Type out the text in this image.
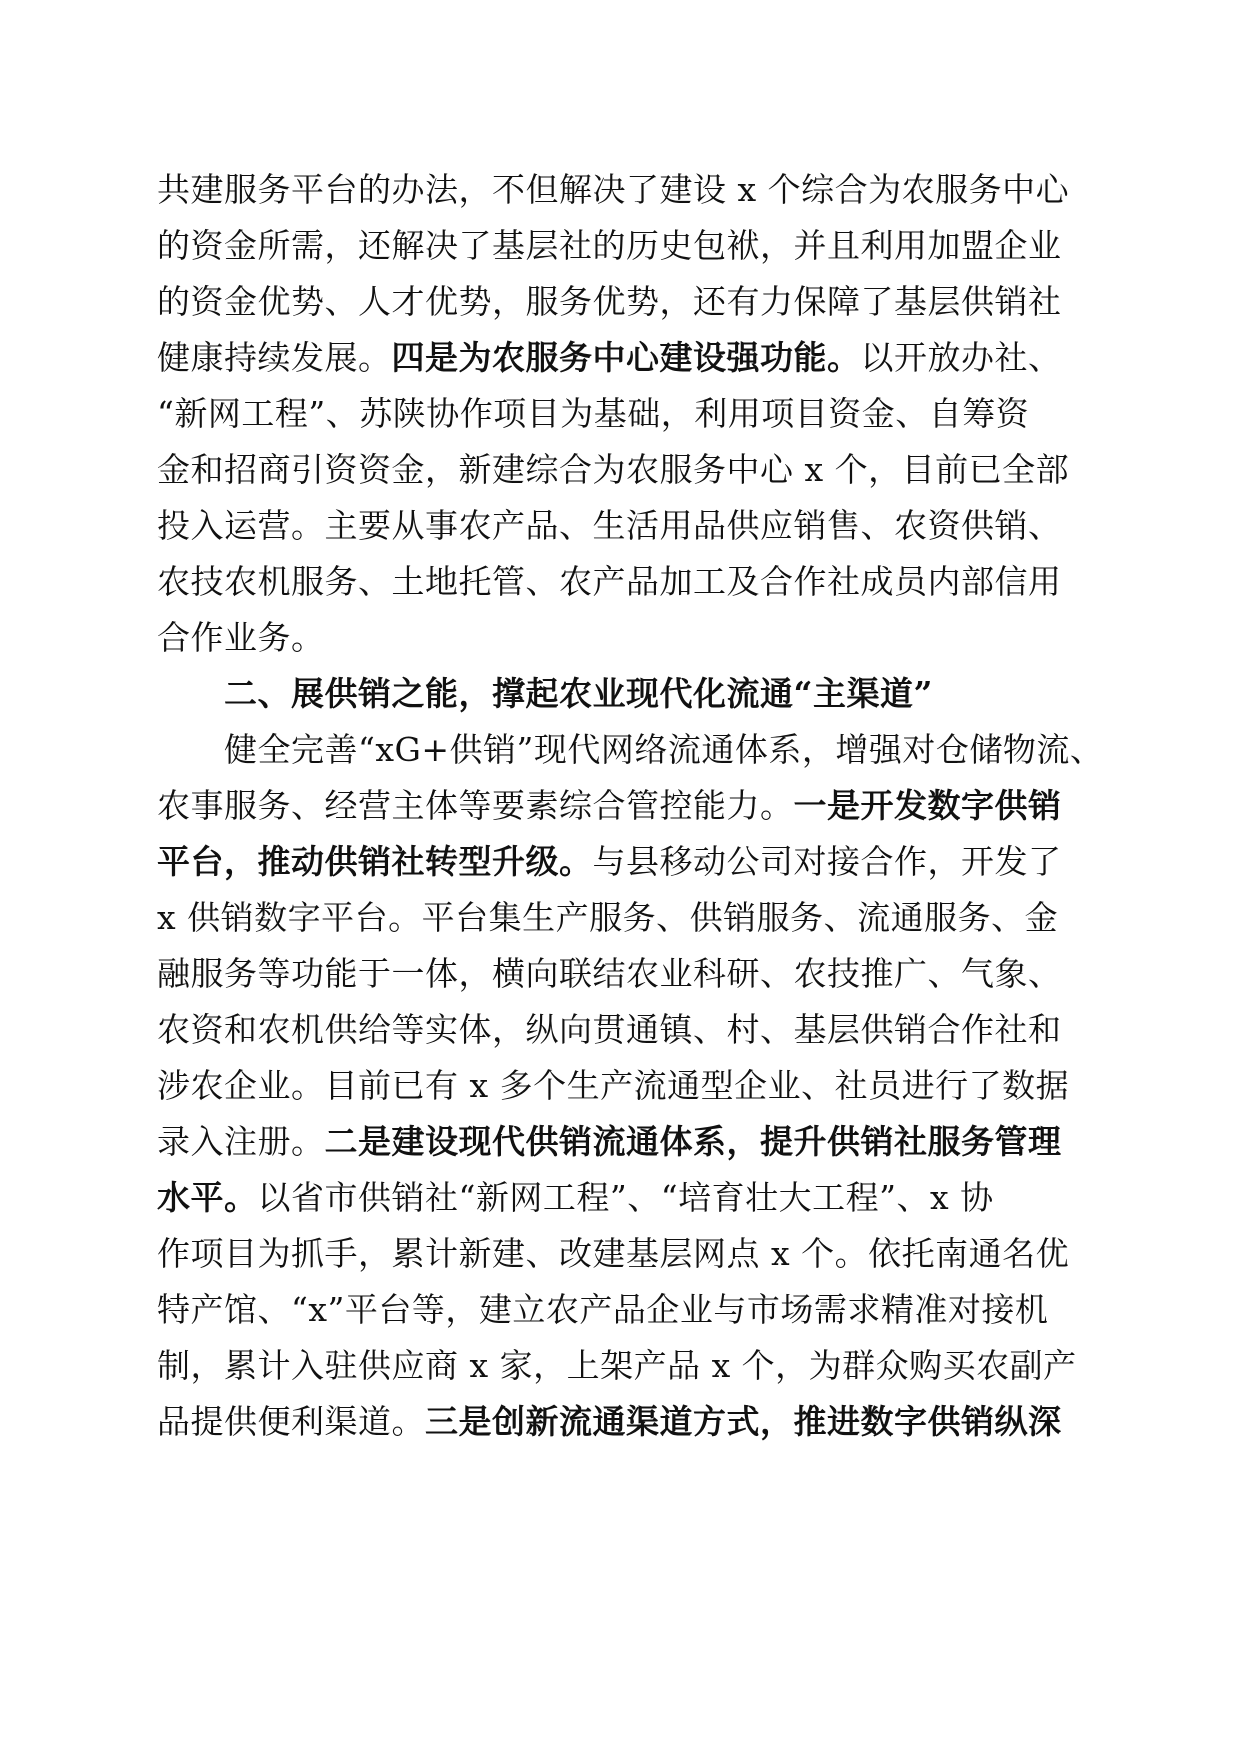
共建服务平台的办法，不但解决了建设 x 个综合为农服务中心
的资金所需，还解决了基层社的历史包袱，并且利用加盟企业
的资金优势、人才优势，服务优势，还有力保障了基层供销社
健康持续发展。四是为农服务中心建设强功能。以开放办社、
“新网工程”、苏陕协作项目为基础，利用项目资金、自筹资
金和招商引资资金，新建综合为农服务中心 x 个，目前已全部
投入运营。主要从事农产品、生活用品供应销售、农资供销、
农技农机服务、土地托管、农产品加工及合作社成员内部信用
合作业务。
　　二、展供销之能，撑起农业现代化流通“主渠道”
　　健全完善“xG+供销”现代网络流通体系，增强对仓储物流、
农事服务、经营主体等要素综合管控能力。一是开发数字供销
平台，推动供销社转型升级。与县移动公司对接合作，开发了
x 供销数字平台。平台集生产服务、供销服务、流通服务、金
融服务等功能于一体，横向联结农业科研、农技推广、气象、
农资和农机供给等实体，纵向贯通镇、村、基层供销合作社和
涉农企业。目前已有 x 多个生产流通型企业、社员进行了数据
录入注册。二是建设现代供销流通体系，提升供销社服务管理
水平。以省市供销社“新网工程”、“培育壮大工程”、x 协
作项目为抓手，累计新建、改建基层网点 x 个。依托南通名优
特产馆、“x”平台等，建立农产品企业与市场需求精准对接机
制，累计入驻供应商 x 家，上架产品 x 个，为群众购买农副产
品提供便利渠道。三是创新流通渠道方式，推进数字供销纵深
